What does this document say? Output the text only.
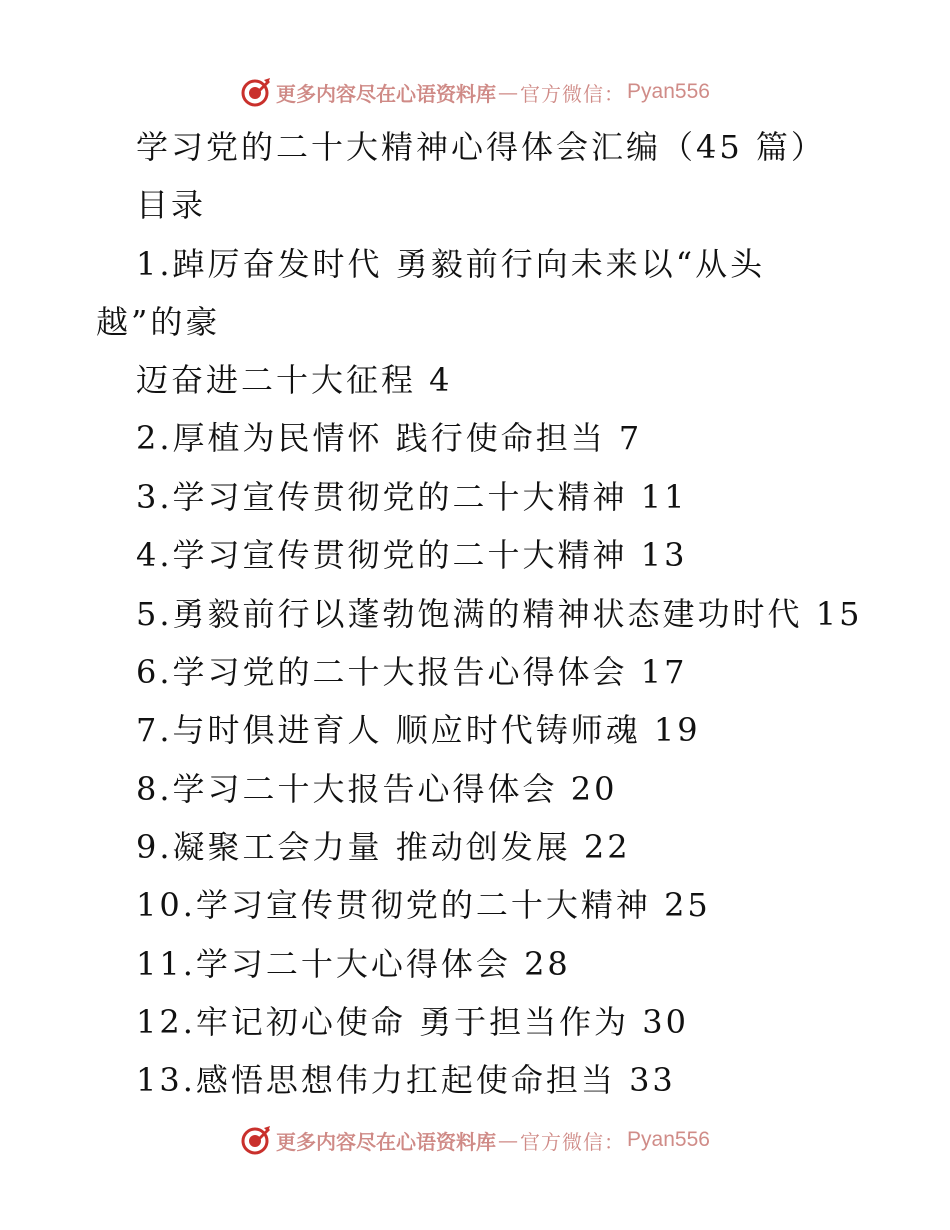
更多内容尽在心语资料库 — 官方微信： Pyan556
学习党的二十大精神心得体会汇编（45 篇）
目录
1.踔厉奋发时代 勇毅前行向未来以“从头
越”的豪
迈奋进二十大征程 4
2.厚植为民情怀 践行使命担当 7
3.学习宣传贯彻党的二十大精神 11
4.学习宣传贯彻党的二十大精神 13
5.勇毅前行以蓬勃饱满的精神状态建功时代 15
6.学习党的二十大报告心得体会 17
7.与时俱进育人 顺应时代铸师魂 19
8.学习二十大报告心得体会 20
9.凝聚工会力量 推动创发展 22
10.学习宣传贯彻党的二十大精神 25
11.学习二十大心得体会 28
12.牢记初心使命 勇于担当作为 30
13.感悟思想伟力扛起使命担当 33
更多内容尽在心语资料库 — 官方微信： Pyan556
